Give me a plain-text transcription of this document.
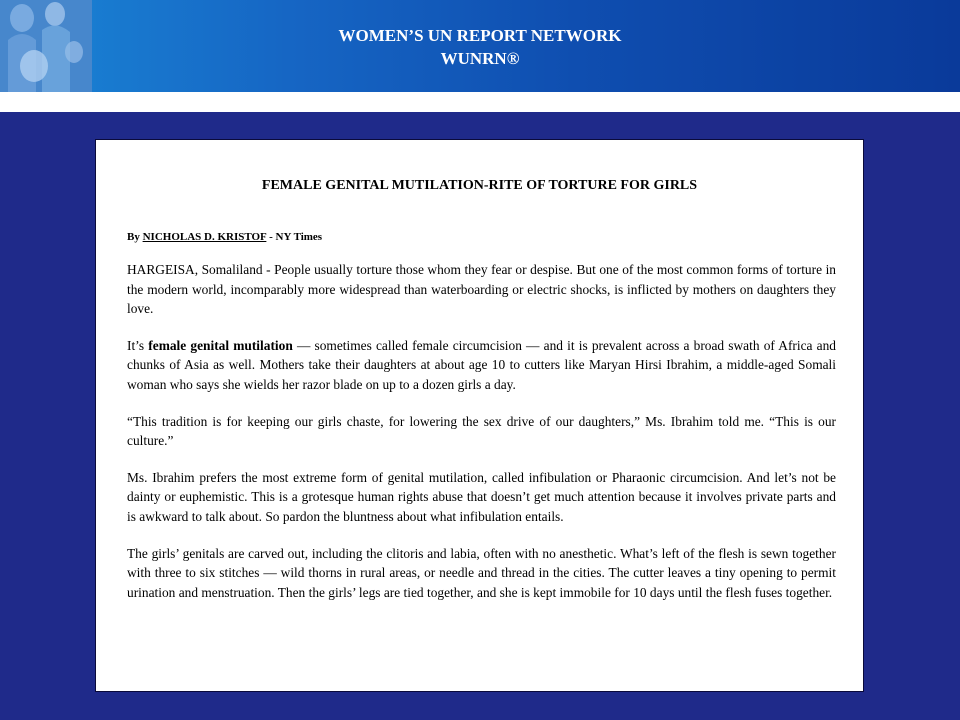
WOMEN’S UN REPORT NETWORK
WUNRN®
FEMALE GENITAL MUTILATION-RITE OF TORTURE FOR GIRLS
By NICHOLAS D. KRISTOF - NY Times

HARGEISA, Somaliland - People usually torture those whom they fear or despise. But one of the most common forms of torture in the modern world, incomparably more widespread than waterboarding or electric shocks, is inflicted by mothers on daughters they love.

It’s female genital mutilation — sometimes called female circumcision — and it is prevalent across a broad swath of Africa and chunks of Asia as well. Mothers take their daughters at about age 10 to cutters like Maryan Hirsi Ibrahim, a middle-aged Somali woman who says she wields her razor blade on up to a dozen girls a day.

“This tradition is for keeping our girls chaste, for lowering the sex drive of our daughters,” Ms. Ibrahim told me. “This is our culture.”

Ms. Ibrahim prefers the most extreme form of genital mutilation, called infibulation or Pharaonic circumcision. And let’s not be dainty or euphemistic. This is a grotesque human rights abuse that doesn’t get much attention because it involves private parts and is awkward to talk about. So pardon the bluntness about what infibulation entails.

The girls’ genitals are carved out, including the clitoris and labia, often with no anesthetic. What’s left of the flesh is sewn together with three to six stitches — wild thorns in rural areas, or needle and thread in the cities. The cutter leaves a tiny opening to permit urination and menstruation. Then the girls’ legs are tied together, and she is kept immobile for 10 days until the flesh fuses together.
